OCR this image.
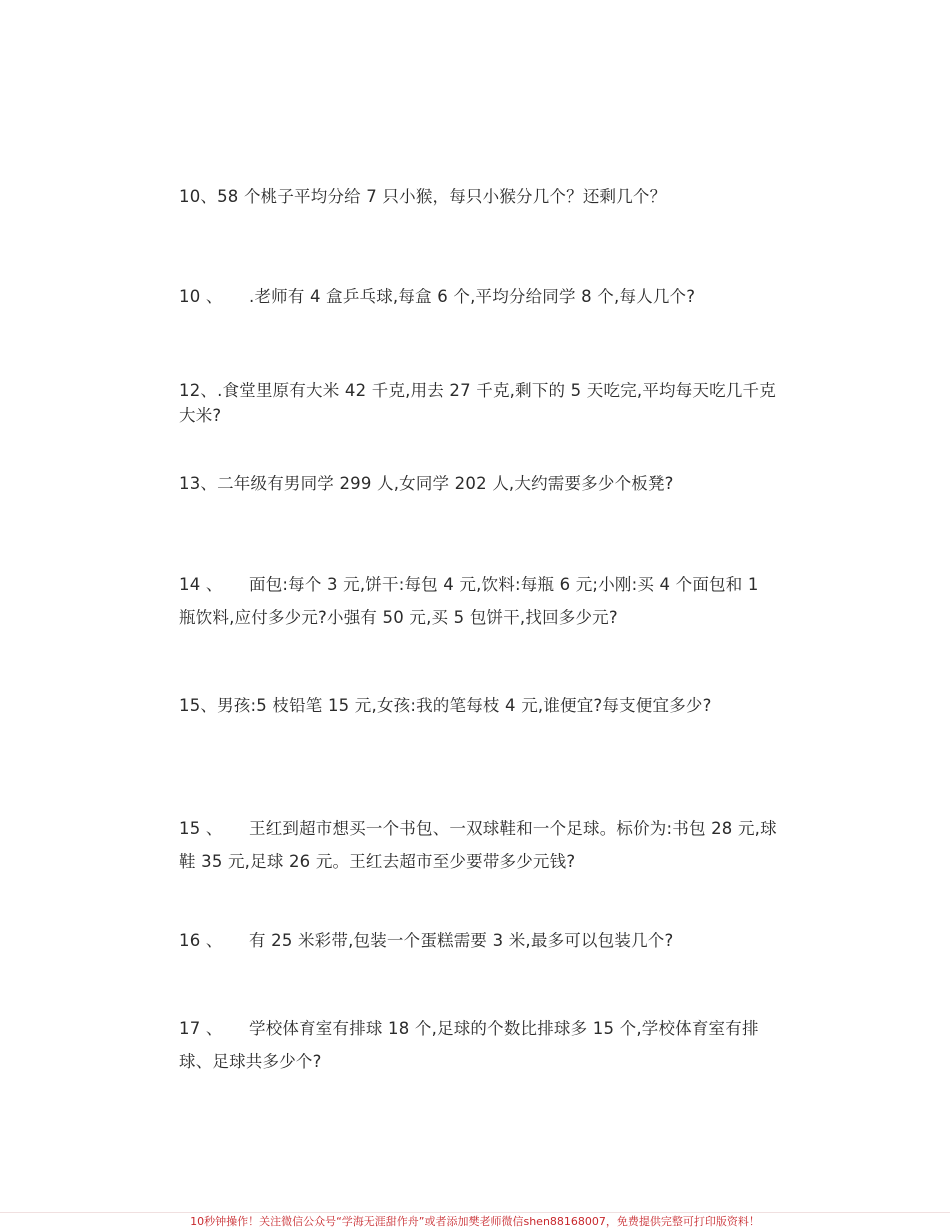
10、58 个桃子平均分给 7 只小猴，每只小猴分几个？还剩几个？
10 、 .老师有 4 盒乒乓球,每盒 6 个,平均分给同学 8 个,每人几个?
12、.食堂里原有大米 42 千克,用去 27 千克,剩下的 5 天吃完,平均每天吃几千克大米?
13、二年级有男同学 299 人,女同学 202 人,大约需要多少个板凳?
14 、 面包:每个 3 元,饼干:每包 4 元,饮料:每瓶 6 元;小刚:买 4 个面包和 1 瓶饮料,应付多少元?小强有 50 元,买 5 包饼干,找回多少元?
15、男孩:5 枝铅笔 15 元,女孩:我的笔每枝 4 元,谁便宜?每支便宜多少?
15 、 王红到超市想买一个书包、一双球鞋和一个足球。标价为:书包 28 元,球鞋 35 元,足球 26 元。王红去超市至少要带多少元钱?
16 、 有 25 米彩带,包装一个蛋糕需要 3 米,最多可以包装几个?
17 、 学校体育室有排球 18 个,足球的个数比排球多 15 个,学校体育室有排球、足球共多少个?
10秒钟操作！关注微信公众号“学海无涯甜作舟”或者添加樊老师微信shen88168007，免费提供完整可打印版资料！
